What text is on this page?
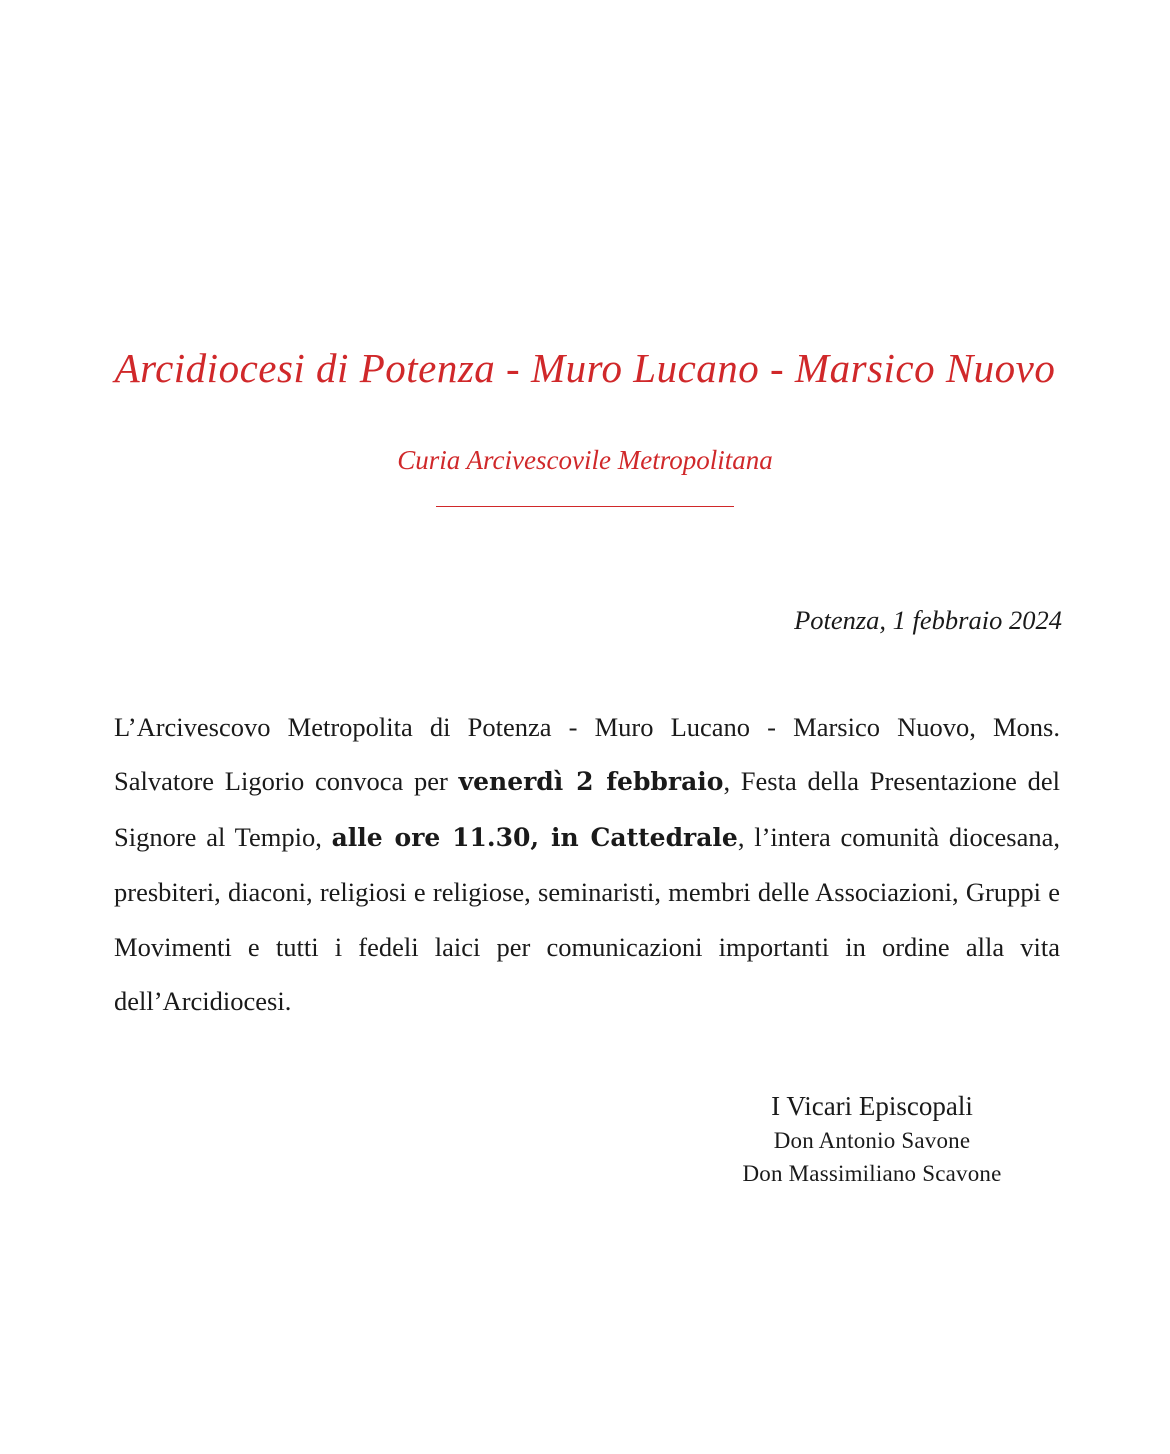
Arcidiocesi di Potenza - Muro Lucano - Marsico Nuovo
Curia Arcivescovile Metropolitana
Potenza, 1 febbraio 2024
L’Arcivescovo Metropolita di Potenza - Muro Lucano - Marsico Nuovo, Mons. Salvatore Ligorio convoca per venerdì 2 febbraio, Festa della Presentazione del Signore al Tempio, alle ore 11.30, in Cattedrale, l’intera comunità diocesana, presbiteri, diaconi, religiosi e religiose, seminaristi, membri delle Associazioni, Gruppi e Movimenti e tutti i fedeli laici per comunicazioni importanti in ordine alla vita dell’Arcidiocesi.
I Vicari Episcopali
Don Antonio Savone
Don Massimiliano Scavone
